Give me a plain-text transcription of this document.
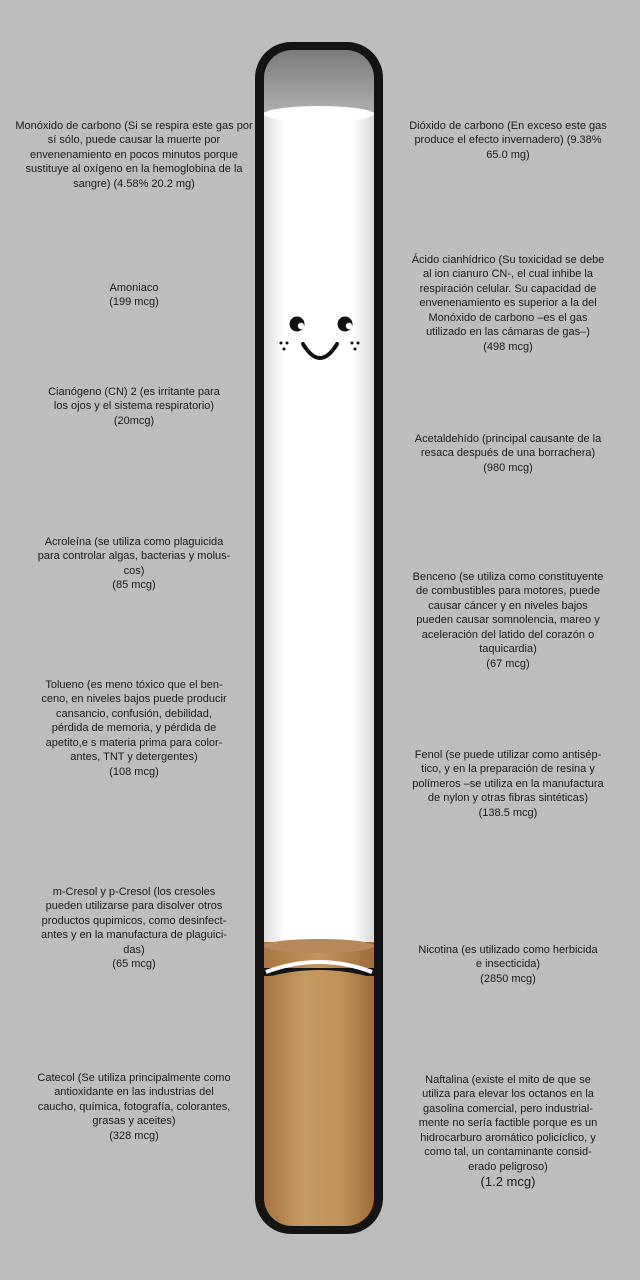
Monóxido de carbono (Si se respira este gas por
sí sólo, puede causar la muerte por
envenenamiento en pocos minutos porque
sustituye al oxígeno en la hemoglobina de la
sangre) (4.58% 20.2 mg)

Amoniaco

(199 mcg)

Cianógeno (CN) 2 (es irritante para
los ojos y el sistema respiratorio)

(20mcg)

Acroleína (se utiliza como plaguicida
para controlar algas, bacterias y molus-
cos)

(85 mcg)

Tolueno (es meno tóxico que el ben-
ceno, en niveles bajos puede producir
cansancio, confusión, debilidad,
pérdida de memoria, y pérdida de
apetito,e s materia prima para color-
antes, TNT y detergentes)

(108 mcg)

m-Cresol y p-Cresol (los cresoles
pueden utilizarse para disolver otros
productos qupimicos, como desinfect-
antes y en la manufactura de plaguici-
das)

(65 mcg)

Catecol (Se utiliza principalmente como
antioxidante en las industrias del
caucho, química, fotografía, colorantes,
grasas y aceites)

(328 mcg)

Dióxido de carbono (En exceso este gas
produce el efecto invernadero) (9.38%
65.0 mg)

Ácido cianhídrico (Su toxicidad se debe
al ion cianuro CN-, el cual inhibe la
respiración celular. Su capacidad de
envenenamiento es superior a la del
Monóxido de carbono –es el gas
utilizado en las cámaras de gas–)

(498 mcg)

Acetaldehído (principal causante de la
resaca después de una borrachera)

(980 mcg)

Benceno (se utiliza como constituyente
de combustibles para motores, puede
causar cáncer y en niveles bajos
pueden causar somnolencia, mareo y
aceleración del latido del corazón o
taquicardia)

(67 mcg)

Fenol (se puede utilizar como antisép-
tico, y en la preparación de resina y
polímeros –se utiliza en la manufactura
de nylon y otras fibras sintéticas)

(138.5 mcg)

Nicotina (es utilizado como herbicida
e insecticida)

(2850 mcg)

Naftalina (existe el mito de que se
utiliza para elevar los octanos en la
gasolina comercial, pero industrial-
mente no sería factible porque es un
hidrocarburo aromático policíclico, y
como tal, un contaminante consid-
erado peligroso)

(1.2 mcg)
